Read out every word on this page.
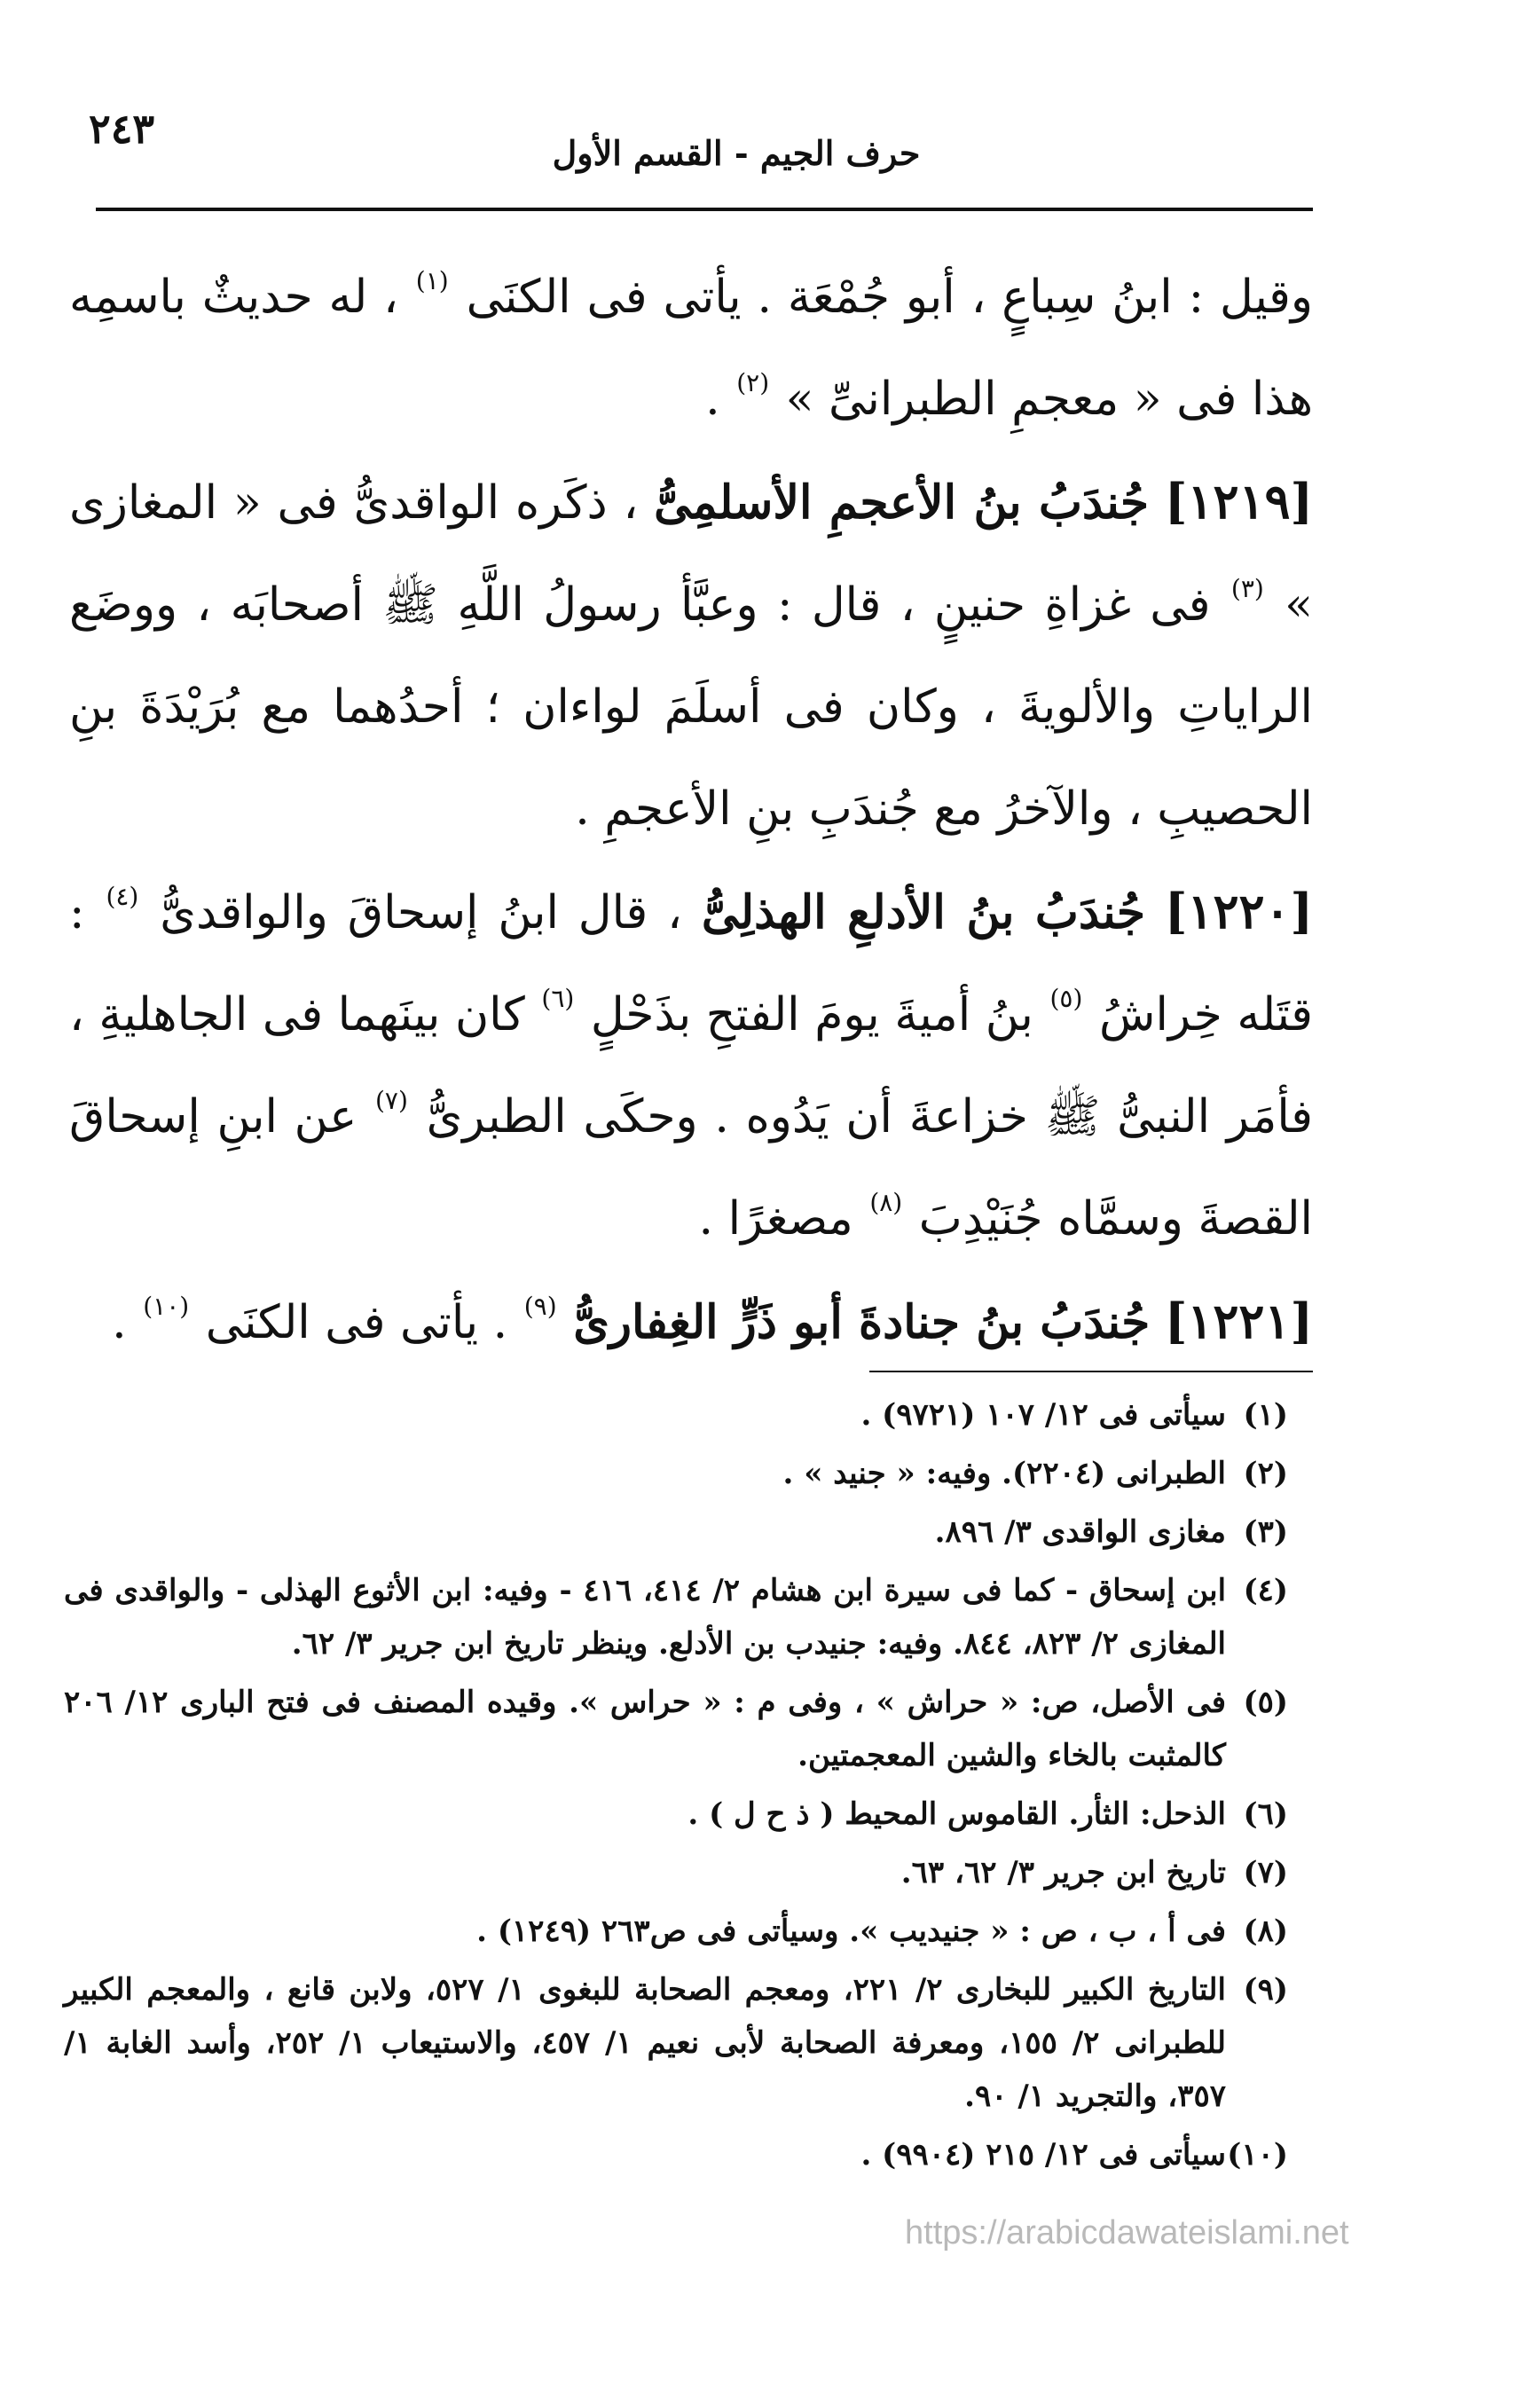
٢٤٣
حرف الجيم - القسم الأول

وقيل : ابنُ سِباعٍ ، أبو جُمْعَة . يأتى فى الكنَى $^{(١)}$ ، له حديثٌ باسمِه هذا فى « معجمِ الطبرانىِّ » $^{(٢)}$ .

[١٢١٩] جُندَبُ بنُ الأعجمِ الأسلمِىُّ ، ذكَره الواقدىُّ فى « المغازى » $^{(٣)}$ فى غزاةِ حنينٍ ، قال : وعبَّأ رسولُ اللَّهِ ﷺ أصحابَه ، ووضَع الراياتِ والألويةَ ، وكان فى أسلَمَ لواءان ؛ أحدُهما مع بُرَيْدَةَ بنِ الحصيبِ ، والآخرُ مع جُندَبِ بنِ الأعجمِ .

[١٢٢٠] جُندَبُ بنُ الأدلعِ الهذلِىُّ ، قال ابنُ إسحاقَ والواقدىُّ $^{(٤)}$ : قتَله خِراشُ $^{(٥)}$ بنُ أميةَ يومَ الفتحِ بذَحْلٍ $^{(٦)}$ كان بينَهما فى الجاهليةِ ، فأمَر النبىُّ ﷺ خزاعةَ أن يَدُوه . وحكَى الطبرىُّ $^{(٧)}$ عن ابنِ إسحاقَ القصةَ وسمَّاه جُنَيْدِبَ $^{(٨)}$ مصغرًا .

[١٢٢١] جُندَبُ بنُ جنادةَ أبو ذَرٍّ الغِفارىُّ $^{(٩)}$ . يأتى فى الكنَى $^{(١٠)}$ .

(١)سيأتى فى ١٢/ ١٠٧ (٩٧٢١) .

(٢)الطبرانى (٢٢٠٤). وفيه: « جنيد » .

(٣)مغازى الواقدى ٣/ ٨٩٦.

(٤)ابن إسحاق - كما فى سيرة ابن هشام ٢/ ٤١٤، ٤١٦ - وفيه: ابن الأثوع الهذلى - والواقدى فى المغازى ٢/ ٨٢٣، ٨٤٤. وفيه: جنيدب بن الأدلع. وينظر تاريخ ابن جرير ٣/ ٦٢.

(٥)فى الأصل، ص: « حراش » ، وفى م : « حراس ». وقيده المصنف فى فتح البارى ١٢/ ٢٠٦ كالمثبت بالخاء والشين المعجمتين.

(٦)الذحل: الثأر. القاموس المحيط ( ذ ح ل ) .

(٧)تاريخ ابن جرير ٣/ ٦٢، ٦٣.

(٨)فى أ ، ب ، ص : « جنيديب ». وسيأتى فى ص٢٦٣ (١٢٤٩) .

(٩)التاريخ الكبير للبخارى ٢/ ٢٢١، ومعجم الصحابة للبغوى ١/ ٥٢٧، ولابن قانع ، والمعجم الكبير للطبرانى ٢/ ١٥٥، ومعرفة الصحابة لأبى نعيم ١/ ٤٥٧، والاستيعاب ١/ ٢٥٢، وأسد الغابة ١/ ٣٥٧، والتجريد ١/ ٩٠.

(١٠)سيأتى فى ١٢/ ٢١٥ (٩٩٠٤) .

https://arabicdawateislami.net
